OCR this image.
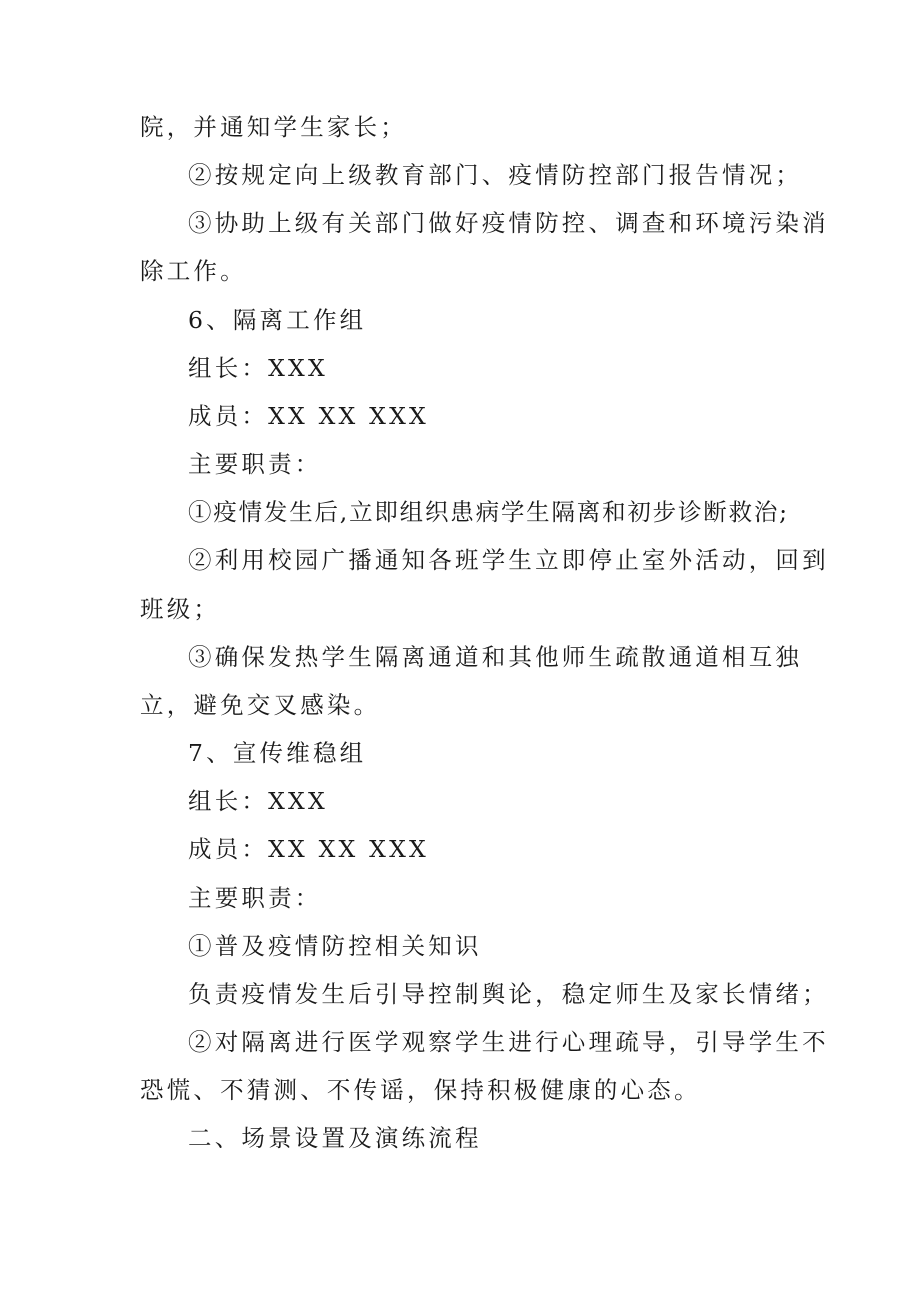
院，并通知学生家长；
②按规定向上级教育部门、疫情防控部门报告情况；
③协助上级有关部门做好疫情防控、调查和环境污染消
除工作。
6、隔离工作组
组长：XXX
成员：XX XX XXX
主要职责：
①疫情发生后,立即组织患病学生隔离和初步诊断救治;
②利用校园广播通知各班学生立即停止室外活动，回到
班级；
③确保发热学生隔离通道和其他师生疏散通道相互独
立，避免交叉感染。
7、宣传维稳组
组长：XXX
成员：XX XX XXX
主要职责：
①普及疫情防控相关知识
负责疫情发生后引导控制舆论，稳定师生及家长情绪；
②对隔离进行医学观察学生进行心理疏导，引导学生不
恐慌、不猜测、不传谣，保持积极健康的心态。
二、场景设置及演练流程
